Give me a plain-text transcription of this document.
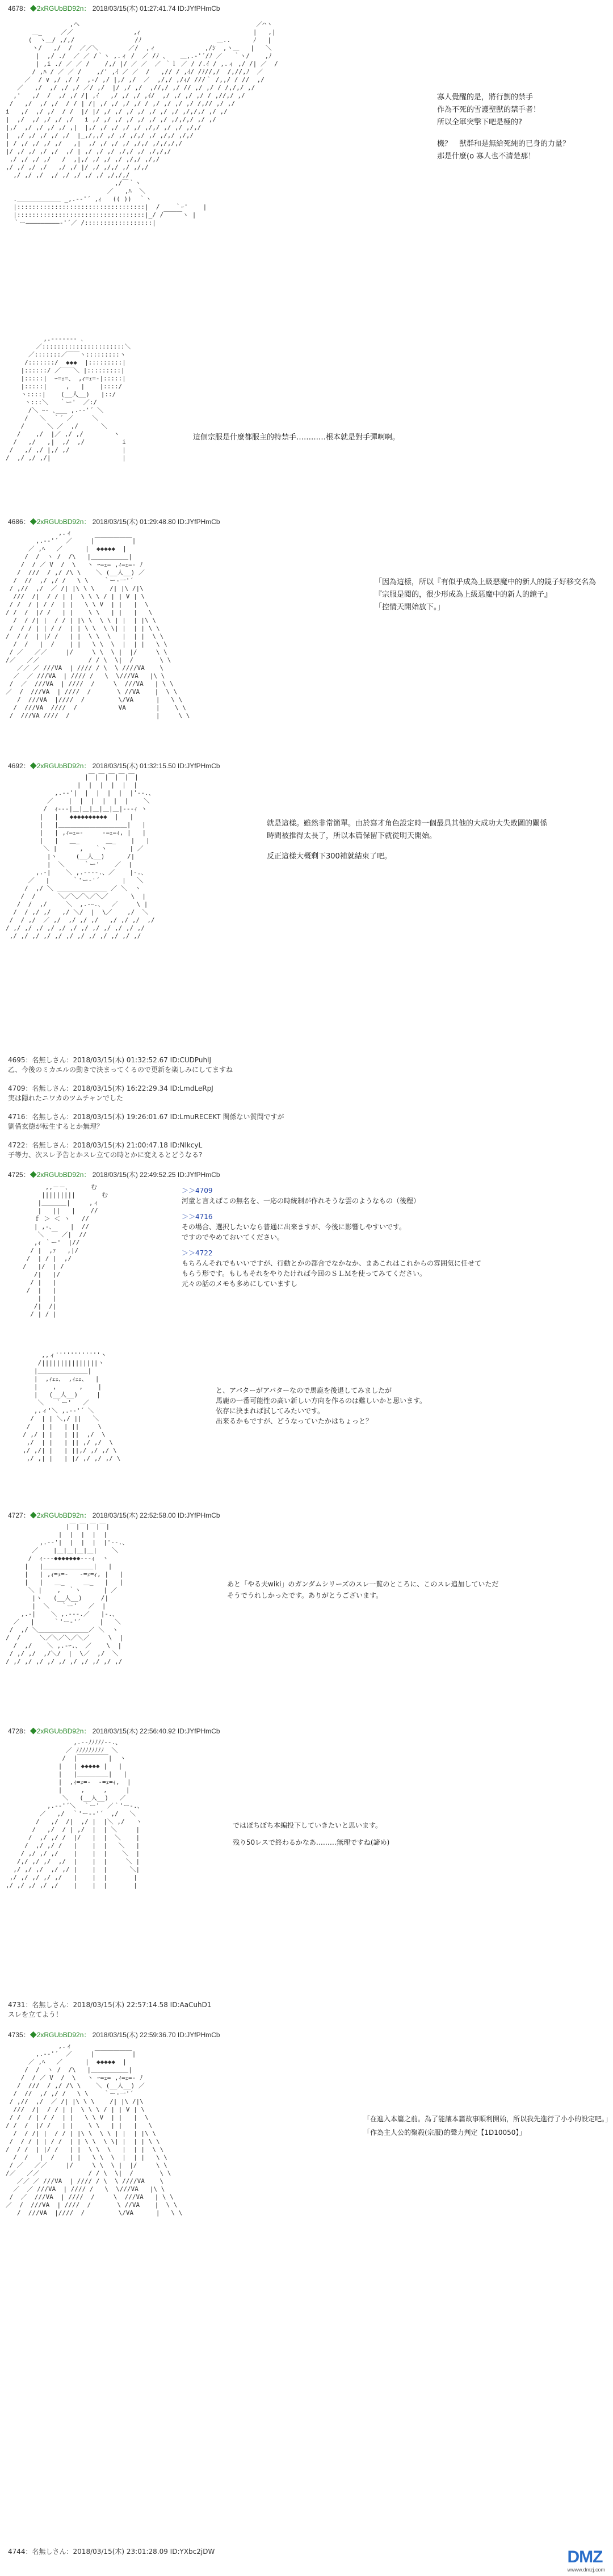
4678：◆2xRGUbBD92n： 2018/03/15(木) 01:27:41.74 ID:JYfPHmCb
,ヘ                                               ／⌒ヽ
＿_     ／／                ,ｨ                              |   ,|
(  ヽ＿/ ,/,/                /ﾉ                    ＿..      ﾉ   |
ヽ/   ,/  /  ／／＼        ／/  ,ィ             ,/ｼ  ,ヽ＿   |   ＼
|  ,/ ./  ／ ／ /｀ヽ ,.ィ /  ／ /ﾉ 、   ＿,.-'´/ﾉ ／   ｀ヽ/    ,ﾉ
| ,i ./ ／ ／ /    /,/ |/ ／ ／  ／ ｀ｌ ／ / /.ｲ / ,.ィ ,/ /| ／  /
/ ,ﾊ / ／ ／ /    ,/' ,ｲ ／ ／  /   ,// / ,ｲ/ /ﾉ//,/  /,//,ﾉ  ／
／  / ∨ ,/ ,/ /  ,-/ ,/ |,/ ,/  ／  ,/,/ ,/ｨ/ ///｀ /,,/ / //  ,/
／   ,/  ,/ ,/ ,/ ／/ ,/  |/ ,/ ,/  ,//,/ ,/ // ,/ ,/ / /,/,/ ,/
,'   ,/  /  ,/ ,/ /| ,ｲ   ,/ ,/ ,/ ,ｲ/  ,/ ,/ ,/ ,/ / ,//,/ ,/
/   ,/  ,/ ,/  / / | /| ,/ ,/ ,/ ,/ / ,/ ,/ ,/ ,/ /,// ,/ ,/
i   ,/  ,/ ,/  / /  |/ |/ ,/ ,/ ,/ ,/ ,/ ,/ ,/ ,/,/,/ ,/ ,/
|  ,/  ,/ ,/ ,/ ,/   i ,/ ,/ ,/ ,/ ,/ ,/ ,/ ,/,/,/ ,/ ,/
|,/  ,/ ,/ ,/ ,/ ,|  |,/ ,/ ,/ ,/ ,/ ,/,/ ,/ ,/ ,/,/
|  ,/ ,/ ,/ ,/ ,/  |_,/,,/ ,/ ,/ ,/,/ ,/ ,/,/ ,/,/
| / ,/ ,/ ,/ ,/   ,|  ,/ ,/ ,/ ,/ ,/,/ ,/,/,/,/
|/ ,/ ,/ ,/ ,/  ,/ | ,/ ,/ ,/ ,/,/ ,/ ,/,/,/
,/ ,/ ,/ ,/   /  ,|,/ ,/ ,/ ,/ ,/,/ ,/,/
,/ ,/ ,/ ,/   ,/ ,/ |/ ,/ ,/,/ ,/ ,/,/
,/ ,/ ,/  ,/ ,/ ,/ ,/ ,/ ,/,/,/
,/￣｀ヽ
／   ,ﾊ  ＼
.＿＿＿＿＿＿＿ _,.-‐'´ ,ｨ   (( ))  ｀ヽ
|::::::::::::::::::::::::::::::::::|  /    ｀ｰ'    |
|::::::::::::::::::::::::::::::::::|_/ /￣￣￣ヽ |
｀ー―――――――――‐'´／ /::::::::::::::::::|
寡人覺醒的是，將行劉的禁手
作為不死的雪護聖獸的禁手者！
所以全軍突撃下吧是極的?
機？　獸群和是無給死純的已身的力量？
那是什麼(o 寡人也不清楚那！
,.-‐‐‐‐‐- ､
／::::::::::::::::::::::＼
／:::::::／￣￣ヽ:::::::::ヽ
/:::::::/  ◆◆◆  |:::::::::|
|::::::/ ／￣￣＼ |:::::::::|
|:::::|  ｰ=ｪ=、 ,ｨ=ｪ=-|:::::|
|:::::|     ,   |    |::::/
ヽ::::|    (__人__)   |::/
ヽ:::＼   ｀ー'  ／:/
/＼ ｰ- ､___ ,.-‐'´ ＼
/   ＼  ｀´ ／     ＼
/      ＼ ／  ,/      ＼
/    ,/  |／ ,/ ,/        ヽ
/   ,/   ,|  ,/  ,/          i
/   ,/ ,/ |,/ ,/              |
/  ,/ ,/ ,/|                   |
這個宗服是什麼都服主的特禁手…………根本就是對手彈啊啊。
4686：◆2xRGUbBD92n： 2018/03/15(木) 01:29:48.80 ID:JYfPHmCb
,.ィ
,.-‐'´  ／     |￣￣￣￣￣￣|
／ ,ﾍ   ／      |  ◆◆◆◆◆  |
/  /  ヽ /  /\   |＿＿＿＿＿＿|
/  / ／ V  /  \   ヽ ｰ=ｪ= ,ｨ=ｪ=- ﾉ
/  ///  / ,/ /\ \    ＼ (__人__) ／
/  //  ,/ ,/ /   \ \    ｀ー‐一'´
/ ,//  ,/  ／ /| |\ \ \    /| |\ /|\
///  /|  / / | |  \ \ \ / | | V | \
/ /  / | / /  | |   \ \ V  | |   |  \
/ /  /  |/ /   | |    \ \   | |   |   \
/  / /| |  / / | |\ \  \ \ | |  | |\ \
/  / / | | / /  | | \ \  \ \| |  | | \ \
/  / /  | |/ /   | |  \ \  \   |  | |  \ \
/  /   |  /    | |   \ \  \  |  | |   \ \
/ ／   ／／     |/     \ \  \ |  |/     \ \
/／   ／／             / / \  \|  /       \ \
／／ ／ ///VA  | //// / \  \ ////VA    \
／  ／ ///VA  | //// /   \  \///VA   |\ \
/  ／  ///VA  | ////  /     \  ///VA   | \ \
／  /  ///VA  | ////  /       \ //VA    |  \ \
/  ///VA  |////  /         \/VA      |   \ \
/  ///VA  ////  /           VA        |    \ \
/  ///VA ////  /                       |     \ \
「因為這樣，所以『有似乎成為上級惡魔中的新人的鏡子好移交名為
『宗服是閱的，很少形成為上級惡魔中的新人的鏡子』
「控情天開始放下。」
4692：◆2xRGUbBD92n： 2018/03/15(木) 01:32:15.50 ID:JYfPHmCb
|￣|￣|￣|￣|￣|
|  |  |  |  |  |
,.-‐'|  |  |  |  |  |'‐-.、
／    |  |  |  |  |  |    ＼
/  ｨ---|＿|＿|＿|＿|＿|---ｨ ヽ
|   |   ◆◆◆◆◆◆◆◆◆◆  |   |
|   |＿＿＿＿＿＿＿＿＿＿＿|   |
|   | ,ｨ=ｪ=-     -=ｪ=ｨ, |   |
|   |   ＿_       ＿_    |   |
＼ |      ,   ｀ヽ      | ／
|ヽ     (__人__)      /|
|  ＼     ｀ー'    ／  |
,.-|    ＼ ,.-‐‐-.、／    |-.、
／   |      ｀'ー‐'´      |   ＼
/  ,/ ＼ ＿＿＿＿＿＿＿＿ ／ ＼  ヽ
/  /      ＼／＼／＼／＼／      \  |
/  /  ,/     ＼  ,.‐ｰ.、  ／     \ |
/  / ,/ ,/   ,/ ＼/  |  \／    ,/  ＼
/  / ,/  ／ ,/  ,/ ,/ ,/   ,/ ,/ ,/  ,/
/ ,/ ,/ ,/ ,/ ,/ ,/ ,/ ,/ ,/ ,/ ,/ ,/
,/ ,/ ,/ ,/ ,/ ,/ ,/ ,/ ,/ ,/ ,/ ,/
就是這樣。雖然非常簡單。由於寫才角色設定時一個最具其他的大成功大失敗圖的關係
時間被推得太長了，所以本篇保留下就從明天開始。
反正這樣大概剩下300補就結束了吧。
4695：名無しさん：2018/03/15(木) 01:32:52.67 ID:CUDPuhlJ
乙、今後のミカエルの動きで決まってくるので更新を楽しみにしてますね
4709：名無しさん：2018/03/15(木) 16:22:29.34 ID:LmdLeRpJ
実は隠れたニワカのツムチャンでした
4716：名無しさん：2018/03/15(木) 19:26:01.67 ID:LmuRECEKT 関係ない質問ですが
劉備玄德が転生するとか無理？
4722：名無しさん：2018/03/15(木) 21:00:47.18 ID:NlkcyL
子等力、次スレ予告とかスレ立ての時とかに変えるとどうなる?
4725：◆2xRGUbBD92n： 2018/03/15(木) 22:49:52.25 ID:JYfPHmCb
,,－－､      む
|||||||||       む
|＿＿＿＿|     ,ィ
|   ||   |    //
ｆ ＞ ＜ ヽ   //
| ,-、    |  //
＼  ￣ ／|  //
,ｨ ｀ー'  |//
/ |  ,ｧ   ,|/
/  | / |  ,/
/   |/  | /
/|   |/
/ |   |
/  |   |
|   |
/|  /|
/ | / |
＞＞4709
河童と言えばこの無名を、一応の時統制が作れそうな雲のようなもの（後程）
＞＞4716
その場合、選択したいなら普通に出来ますが、今後に影響しやすいです。
ですのでやめておいてください。
＞＞4722
もちろんそれでもいいですが、行動とかの都合でなかなか、まあこれはこれからの雰囲気に任せて
もらう形です。もしもそれをやりたければ今回のＳＬＭを使ってみてください。
元々の話のメモも多めにしていますし
,,ィ''''''''''''ヽ
/|||||||||||||||ヽ
|＿＿＿＿＿＿＿＿|
|  ,ｨｪｪ、 ,ｨｪｪ、  |
|    ,      ,    |
|   (__人__)     |
＼   ｀ー'   ／
,.ィ'＼ ,.-‐'´ ＼
/  | | ＼,/ ||   ＼
/   | |   | ||     \
/ ,/ | |   | ||  ,/  \
,/  | |   | || ,/ ,/  \
,/ ,/| |   | ||,/ ,/ ,/ \
,/ ,| |   | |/ ,/ ,/ ,/ \
と、アバターがアバターなので馬鹿を後退してみましたが
馬鹿の一番可能性の高い新しい方向を作るのは難しいかと思います。
依存に決まれば試してみたいです。
出来るかもですが、どうなっていたかはちょっと？
4727：◆2xRGUbBD92n： 2018/03/15(木) 22:52:58.00 ID:JYfPHmCb
|￣|￣|￣|￣|
|  |  |  |  |
,.-‐'|  |  |  |  |'‐-.、
／    |＿|＿|＿|＿|    ＼
/  ｨ---◆◆◆◆◆◆◆---ｨ  ヽ
|   |＿＿＿＿＿＿＿＿|   |
|   | ,ｨ=ｪ=-   -=ｪ=ｨ, |   |
|   |   ＿_     ＿_   |   |
＼ |    ,  ｀ヽ      | ／
|ヽ   (__人__)     /|
|  ＼   ｀ー'   ／  |
,.-|    ＼ ,.-‐-.／   |-.、
／   |     ｀'ー‐'´     |   ＼
/  ,/ ＼＿＿＿＿＿＿＿＿／ ＼  ヽ
/  /     ＼／＼／＼／＼／     \  |
/  ,/    ＼ ,.‐ｰ.、 ／    \  |
/ ,/ ,/  ,/＼/  |  \／  ,/  ＼
/ ,/ ,/ ,/ ,/ ,/ ,/ ,/ ,/ ,/ ,/
あと「やる夫wiki」のガンダムシリーズのスレ一覧のところに、このスレ追加していただ
そうでうれしかったです。ありがとうございます。
4728：◆2xRGUbBD92n： 2018/03/15(木) 22:56:40.92 ID:JYfPHmCb
,.-‐ﾉﾉﾉﾉﾉ‐-.、
／ ﾉﾉﾉﾉﾉﾉﾉﾉﾉ  ＼
/  |￣￣￣￣￣|  ヽ
|   | ◆◆◆◆◆ |   |
|   |＿＿＿＿＿|   |
|  ,ｨ=ｪ=-  -=ｪ=ｨ,  |
|     ,     ,     |
＼   (__人__)   ／
,.-‐'´＼  ｀ー'  ／｀'ー-.、
／   ,/  ｀'ー‐‐'´  ,/   ＼
/   ,/  /|  ,/ |  |＼ ,/   ヽ
/   ,/  / | ,/  |  | ＼     |
/  ,/ ,/ /  |/   |  |  ＼    |
/  ,/ ,/ /   |    |  |   ＼   |
/ ,/ ,/ ,/    |    |  |    ＼  |
/,/ ,/ ,/  ,/  |    |  |     ＼ |
,/ ,/ ,/  ,/ ,/ |    |  |      ＼|
,/ ,/ ,/ ,/ ,/   |    |  |       |
,/ ,/ ,/ ,/ ,/    |    |  |       |
ではぼちぼち本編投下していきたいと思います。
残り50レスで終わるかなあ………無理ですね(諦め)
4731：名無しさん：2018/03/15(木) 22:57:14.58 ID:AaCuhD1
スレを立てよう！
4735：◆2xRGUbBD92n： 2018/03/15(木) 22:59:36.70 ID:JYfPHmCb
,.ィ
,.-‐'´  ／     |￣￣￣￣￣￣|
／ ,ﾍ   ／      |  ◆◆◆◆◆  |
/  /  ヽ /  /\   |＿＿＿＿＿＿|
/  / ／ V  /  \   ヽ ｰ=ｪ= ,ｨ=ｪ=- ﾉ
/  ///  / ,/ /\ \    ＼ (__人__) ／
/  //  ,/ ,/ /   \ \    ｀ー‐一'´
/ ,//  ,/  ／ /| |\ \ \    /| |\ /|\
///  /|  / / | |  \ \ \ / | | V | \
/ /  / | / /  | |   \ \ V  | |   |  \
/ /  /  |/ /   | |    \ \   | |   |   \
/  / /| |  / / | |\ \  \ \ | |  | |\ \
/  / / | | / /  | | \ \  \ \| |  | | \ \
/  / /  | |/ /   | |  \ \  \   |  | |  \ \
/  /   |  /    | |   \ \  \  |  | |   \ \
/ ／   ／／     |/     \ \  \ |  |/     \ \
/／   ／／             / / \  \|  /       \ \
／／ ／ ///VA  | //// / \  \ ////VA    \
／  ／ ///VA  | //// /   \  \///VA   |\ \
/  ／  ///VA  | ////  /     \  ///VA   | \ \
／  /  ///VA  | ////  /       \ //VA    |  \ \
/  ///VA  |////  /         \/VA      |   \ \
「在進入本篇之前。為了能讓本篇故事順利開始，所以我先進行了小小的設定吧。」
「作為主人公的聚殺(宗服)的聲力判定【1D10050】」
4744：名無しさん：2018/03/15(木) 23:01:28.09 ID:YXbc2jDW	DMZ
wwww.dmzj.com
